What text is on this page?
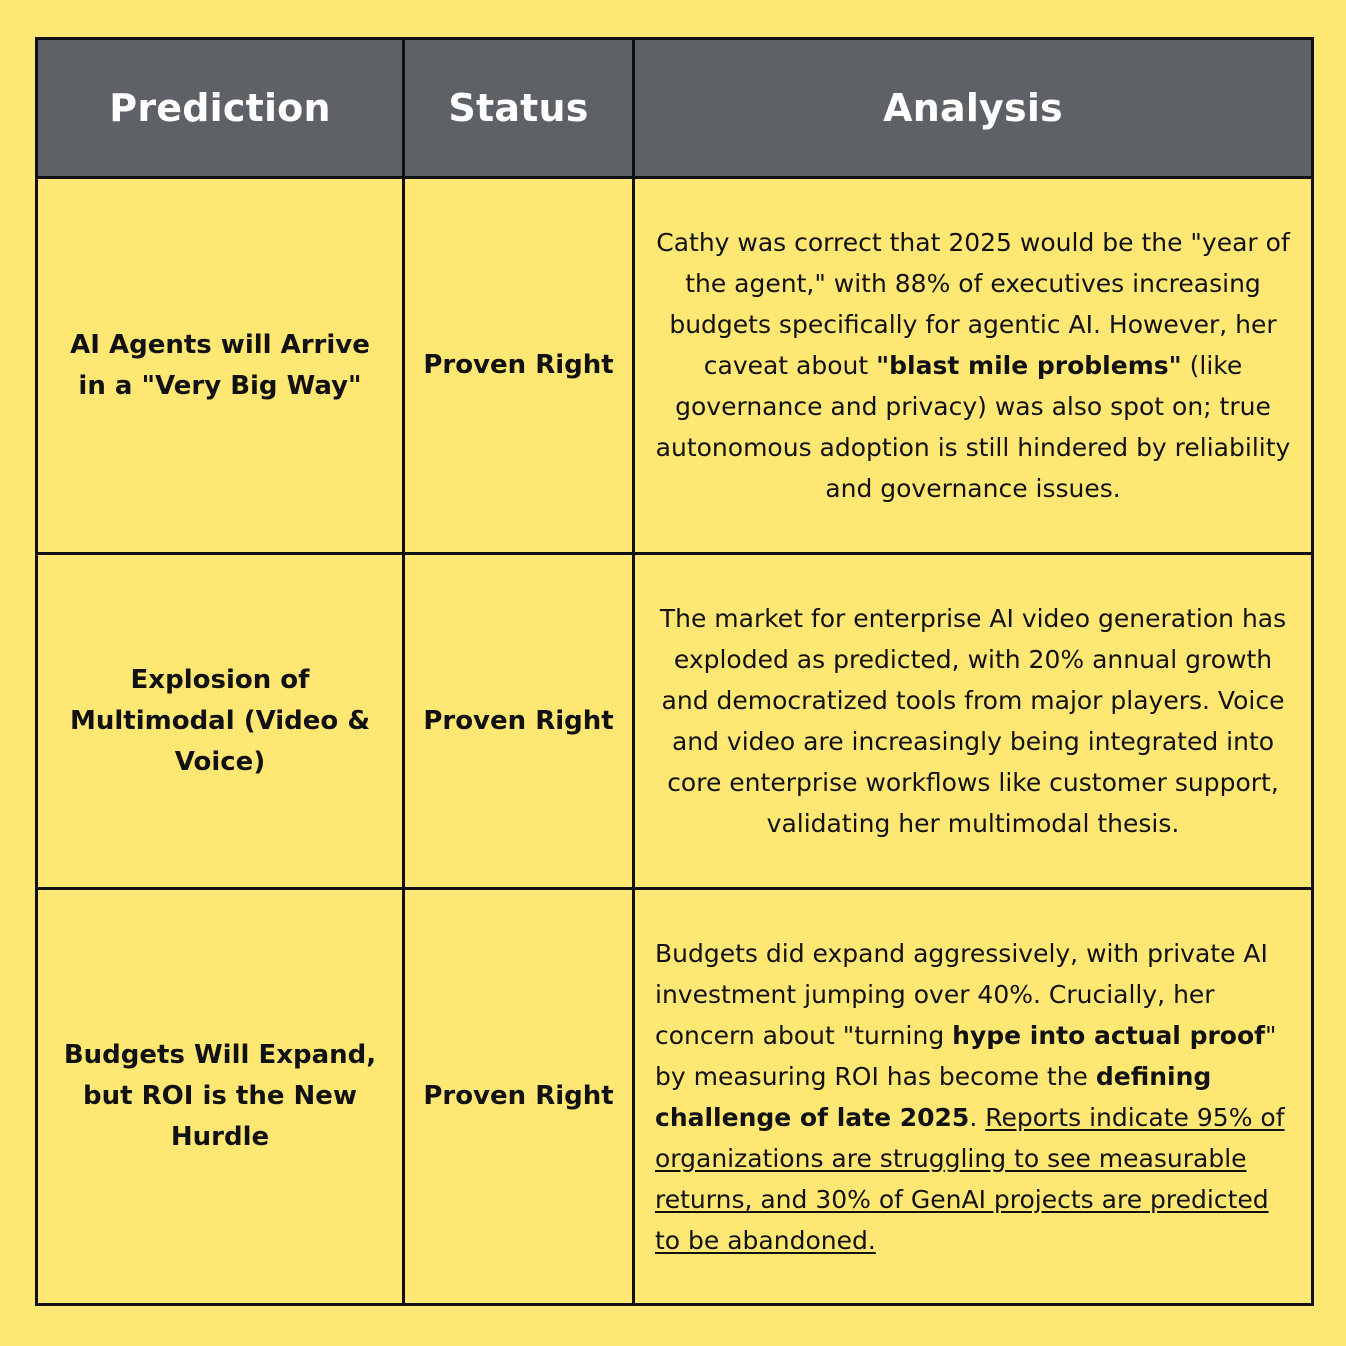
Prediction	Status	Analysis

AI Agents will Arrive in a "Very Big Way"	Proven Right	Cathy was correct that 2025 would be the "year of the agent," with 88% of executives increasing budgets specifically for agentic AI. However, her caveat about "blast mile problems" (like governance and privacy) was also spot on; true autonomous adoption is still hindered by reliability and governance issues.

Explosion of Multimodal (Video & Voice)	Proven Right	The market for enterprise AI video generation has exploded as predicted, with 20% annual growth and democratized tools from major players. Voice and video are increasingly being integrated into core enterprise workflows like customer support, validating her multimodal thesis.

Budgets Will Expand, but ROI is the New Hurdle	Proven Right	Budgets did expand aggressively, with private AI investment jumping over 40%. Crucially, her concern about "turning hype into actual proof" by measuring ROI has become the defining challenge of late 2025. Reports indicate 95% of organizations are struggling to see measurable returns, and 30% of GenAI projects are predicted to be abandoned.
